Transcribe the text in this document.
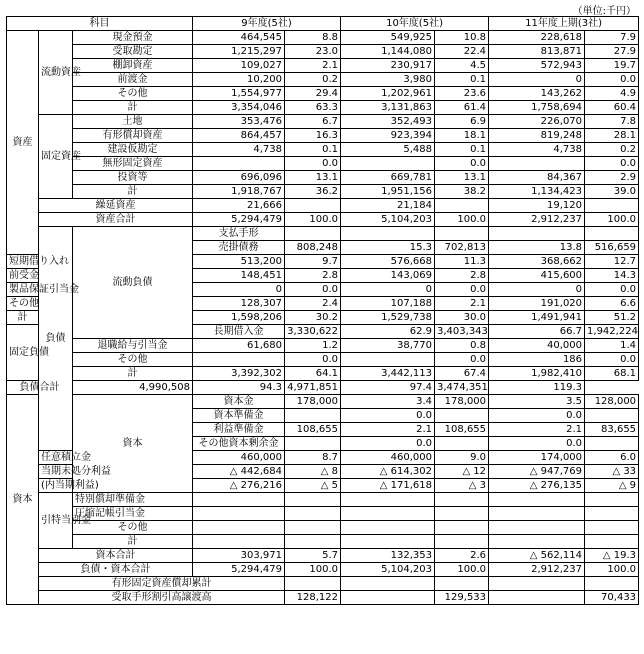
（単位:千円）
科目			9年度(5社)		10年度(5社)		11年度上期(3社)		
資産	流動資産	現金預金	464,545	8.8	549,925	10.8	228,618	7.9	
		受取勘定	1,215,297	23.0	1,144,080	22.4	813,871	27.9	
		棚卸資産	109,027	2.1	230,917	4.5	572,943	19.7	
		前渡金	10,200	0.2	3,980	0.1	0	0.0	
		その他	1,554,977	29.4	1,202,961	23.6	143,262	4.9	
		計	3,354,046	63.3	3,131,863	61.4	1,758,694	60.4	
	固定資産	土地	353,476	6.7	352,493	6.9	226,070	7.8	
		有形償却資産	864,457	16.3	923,394	18.1	819,248	28.1	
		建設仮勘定	4,738	0.1	5,488	0.1	4,738	0.2	
		無形固定資産		0.0		0.0		0.0	
		投資等	696,096	13.1	669,781	13.1	84,367	2.9	
		計	1,918,767	36.2	1,951,156	38.2	1,134,423	39.0	
	繰延資産		21,666		21,184		19,120		
	資産合計		5,294,479	100.0	5,104,203	100.0	2,912,237	100.0	
	負債	流動負債	支払手形						
			売掛債務	808,248	15.3	702,813	13.8	516,659	
短期借り入れ			513,200	9.7	576,668	11.3	368,662	12.7	
前受金			148,451	2.8	143,069	2.8	415,600	14.3	
製品保証引当金			0	0.0	0	0.0	0	0.0	
その他			128,307	2.4	107,188	2.1	191,020	6.6	
計			1,598,206	30.2	1,529,738	30.0	1,491,941	51.2	
固定負債			長期借入金	3,330,622	62.9	3,403,343	66.7	1,942,224	
		退職給与引当金	61,680	1.2	38,770	0.8	40,000	1.4	
		その他		0.0		0.0	186	0.0	
		計	3,392,302	64.1	3,442,113	67.4	1,982,410	68.1	
負債合計		4,990,508	94.3	4,971,851	97.4	3,474,351	119.3		
資本		資本	資本金	178,000	3.4	178,000	3.5	128,000	
			資本準備金		0.0		0.0		
			利益準備金	108,655	2.1	108,655	2.1	83,655	
			その他資本剰余金		0.0		0.0		
	任意積立金		460,000	8.7	460,000	9.0	174,000	6.0	
	当期未処分利益		△ 442,684	△ 8	△ 614,302	△ 12	△ 947,769	△ 33	
	(内当期利益)		△ 276,216	△ 5	△ 171,618	△ 3	△ 276,135	△ 9	
	引特当別金	特別償却準備金							
		圧縮記帳引当金							
		その他							
		計							
	資本合計		303,971	5.7	132,353	2.6	△ 562,114	△ 19.3	
	負債・資本合計		5,294,479	100.0	5,104,203	100.0	2,912,237	100.0	
	有形固定資産償却累計								
	受取手形割引高譲渡高			128,122		129,533		70,433	
